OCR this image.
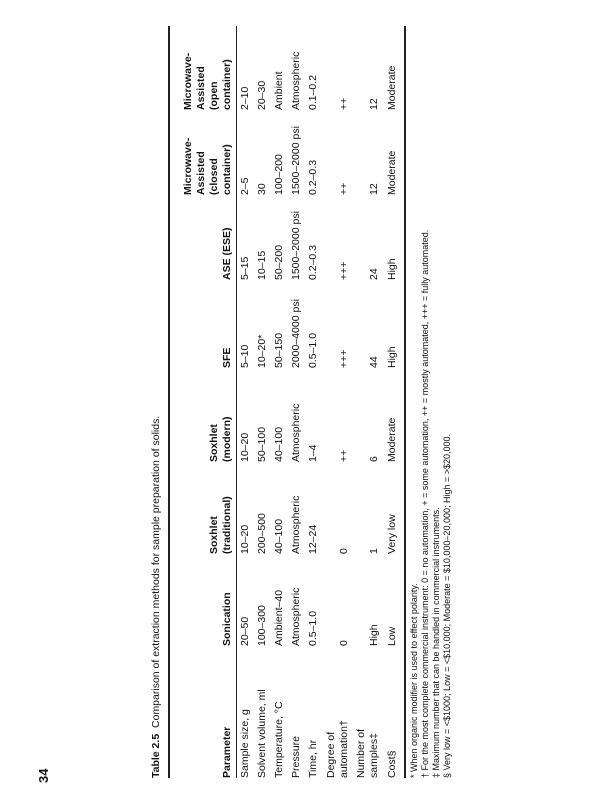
34	Table 2.5  Comparison of extraction methods for sample preparation of solids.
Parameter
Sonication
Soxhlet
(traditional)
Soxhlet
(modern)
SFE
ASE (ESE)
Microwave-
Assisted
(closed
container)
Microwave-
Assisted
(open
container)
Sample size, g
20–50
10–20
10–20
5–10
5–15
2–5
2–10
Solvent volume, ml
100–300
200–500
50–100
10–20*
10–15
30
20–30
Temperature, °C
Ambient–40
40–100
40–100
50–150
50–200
100–200
Ambient
Pressure
Atmospheric
Atmospheric
Atmospheric
2000–4000 psi
1500–2000 psi
1500–2000 psi
Atmospheric
Time, hr
0.5–1.0
12–24
1–4
0.5–1.0
0.2–0.3
0.2–0.3
0.1–0.2
Degree of
automation†
0
0
++
+++
+++
++
++
Number of
samples‡
High
1
6
44
24
12
12
Cost§
Low
Very low
Moderate
High
High
Moderate
Moderate
* When organic modifier is used to effect polarity. † For the most complete commercial instrument: 0 = no automation, + = some automation, ++ = mostly automated, +++ = fully automated. ‡ Maximum number that can be handled in commercial instruments. § Very low = <$1000; Low = <$10,000; Moderate = $10,000–20,000; High = >$20,000.
